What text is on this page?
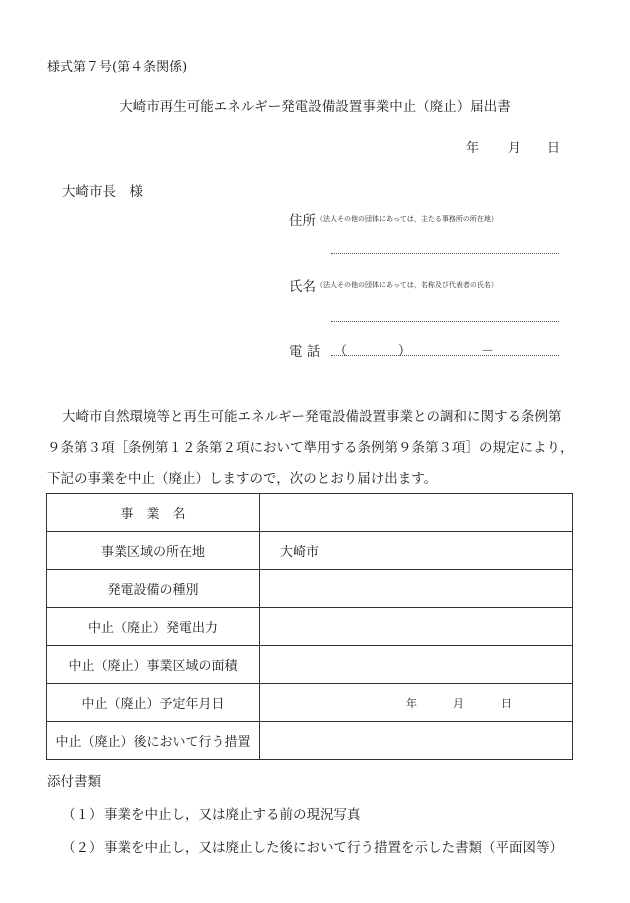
様式第７号(第４条関係)
大崎市再生可能エネルギー発電設備設置事業中止（廃止）届出書
年 月 日
大崎市長　様
住所 （法人その他の団体にあっては，主たる事務所の所在地）
氏名 （法人その他の団体にあっては，名称及び代表者の氏名）
電 話 （	）	－
大崎市自然環境等と再生可能エネルギー発電設備設置事業との調和に関する条例第
９条第３項［条例第１２条第２項において準用する条例第９条第３項］の規定により，
下記の事業を中止（廃止）しますので，次のとおり届け出ます。
事　業　名	
事業区域の所在地	大崎市
発電設備の種別	
中止（廃止）発電出力	
中止（廃止）事業区域の面積	
中止（廃止）予定年月日	年 月 日

中止（廃止）後において行う措置	
添付書類
（１） 事業を中止し，又は廃止する前の現況写真
（２） 事業を中止し，又は廃止した後において行う措置を示した書類（平面図等）
